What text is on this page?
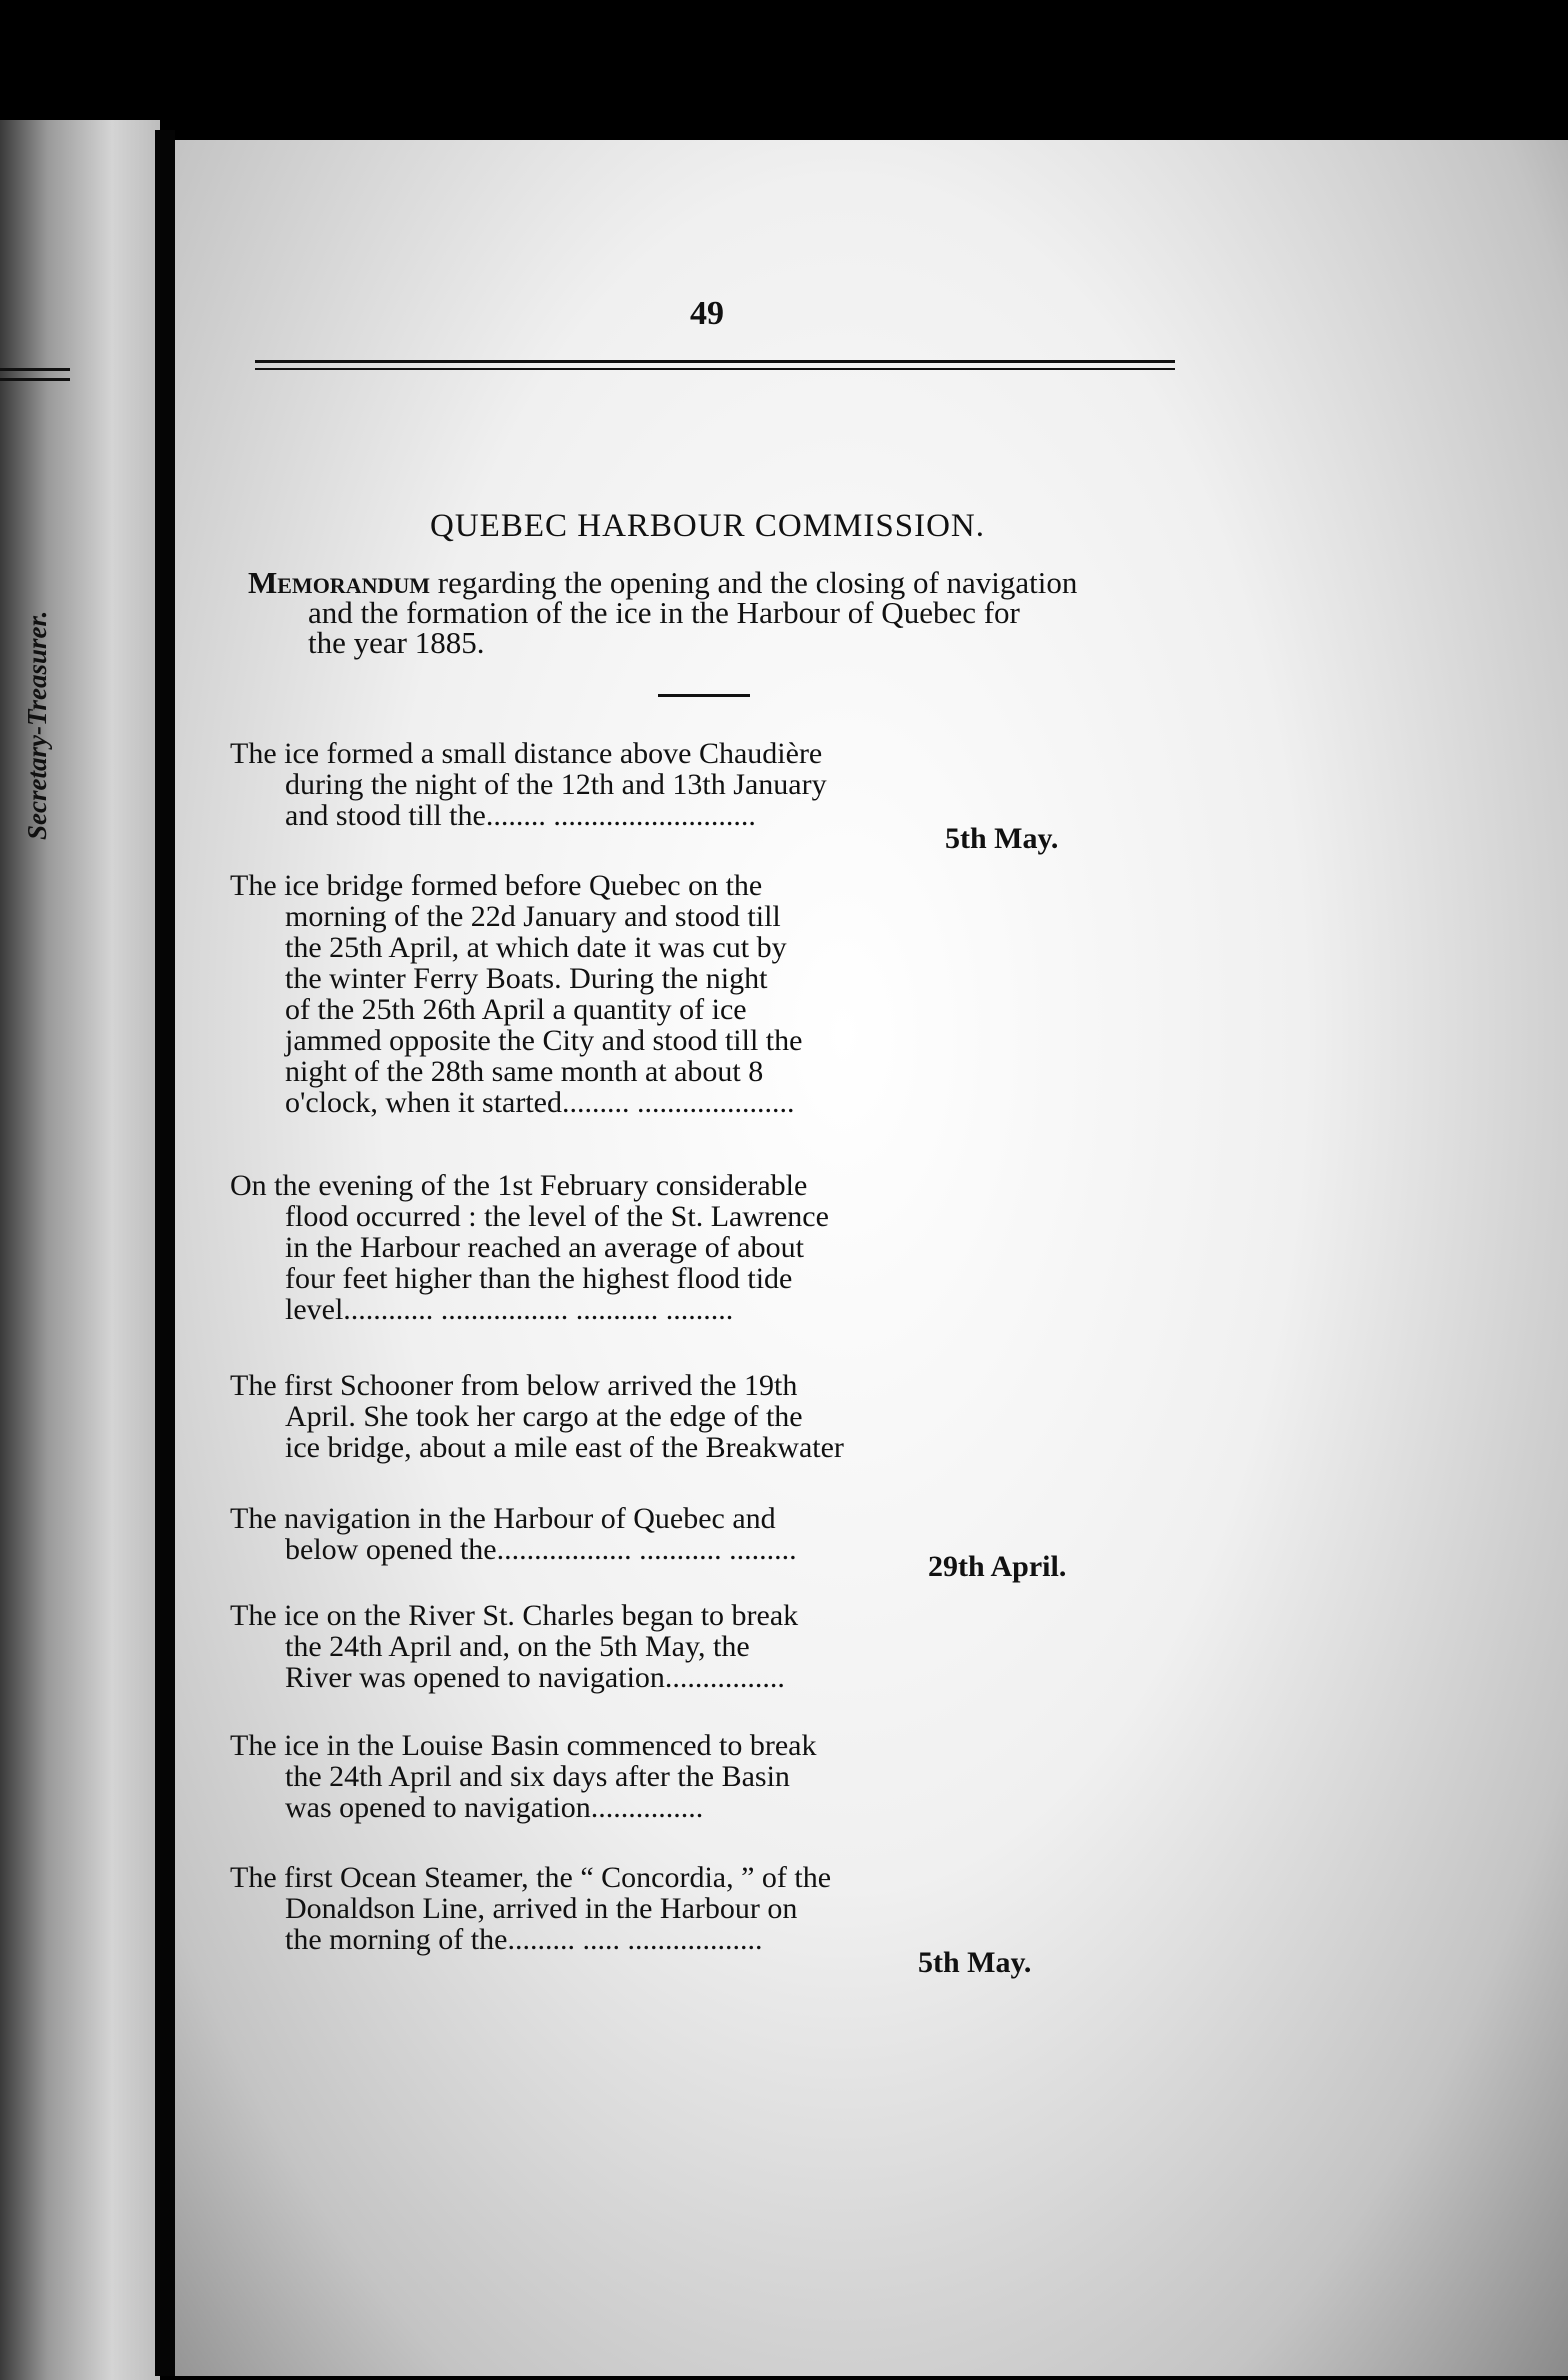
Secretary-Treasurer.
49
QUEBEC HARBOUR COMMISSION.
Memorandum regarding the opening and the closing of navigation
and the formation of the ice in the Harbour of Quebec for
the year 1885.
The ice formed a small distance above Chaudière
during the night of the 12th and 13th January
and stood till the........ ...........................
5th May.
The ice bridge formed before Quebec on the
morning of the 22d January and stood till
the 25th April, at which date it was cut by
the winter Ferry Boats. During the night
of the 25th 26th April a quantity of ice
jammed opposite the City and stood till the
night of the 28th same month at about 8
o'clock, when it started......... .....................
On the evening of the 1st February considerable
flood occurred : the level of the St. Lawrence
in the Harbour reached an average of about
four feet higher than the highest flood tide
level............ ................. ........... .........
The first Schooner from below arrived the 19th
April. She took her cargo at the edge of the
ice bridge, about a mile east of the Breakwater
The navigation in the Harbour of Quebec and
below opened the.................. ........... .........
29th April.
The ice on the River St. Charles began to break
the 24th April and, on the 5th May, the
River was opened to navigation................
The ice in the Louise Basin commenced to break
the 24th April and six days after the Basin
was opened to navigation...............
The first Ocean Steamer, the “ Concordia, ” of the
Donaldson Line, arrived in the Harbour on
the morning of the......... ..... ..................
5th May.
